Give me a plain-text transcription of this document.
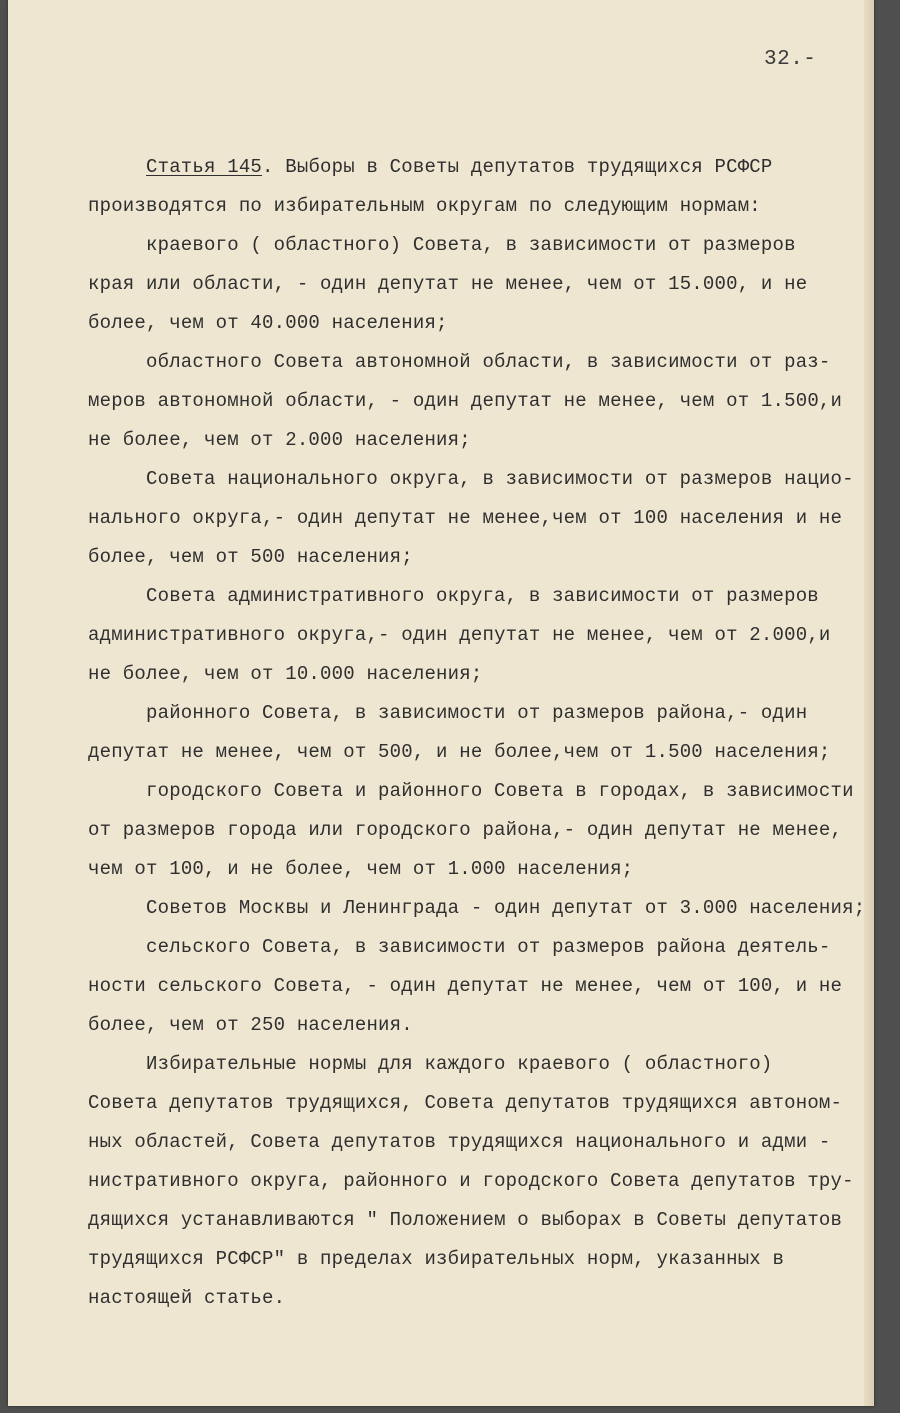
32.-
Статья 145. Выборы в Советы депутатов трудящихся РСФСР
производятся по избирательным округам по следующим нормам:
краевого ( областного) Совета, в зависимости от размеров
края или области, - один депутат не менее, чем от 15.000, и не
более, чем от 40.000 населения;
областного Совета автономной области, в зависимости от раз-
меров автономной области, - один депутат не менее, чем от 1.500,и
не более, чем от 2.000 населения;
Совета национального округа, в зависимости от размеров нацио-
нального округа,- один депутат не менее,чем от 100 населения и не
более, чем от 500 населения;
Совета административного округа, в зависимости от размеров
административного округа,- один депутат не менее, чем от 2.000,и
не более, чем от 10.000 населения;
районного Совета, в зависимости от размеров района,- один
депутат не менее, чем от 500, и не более,чем от 1.500 населения;
городского Совета и районного Совета в городах, в зависимости
от размеров города или городского района,- один депутат не менее,
чем от 100, и не более, чем от 1.000 населения;
Советов Москвы и Ленинграда - один депутат от 3.000 населения;
сельского Совета, в зависимости от размеров района деятель-
ности сельского Совета, - один депутат не менее, чем от 100, и не
более, чем от 250 населения.
Избирательные нормы для каждого краевого ( областного)
Совета депутатов трудящихся, Совета депутатов трудящихся автоном-
ных областей, Совета депутатов трудящихся национального и адми -
нистративного округа, районного и городского Совета депутатов тру-
дящихся устанавливаются " Положением о выборах в Советы депутатов
трудящихся РСФСР" в пределах избирательных норм, указанных в
настоящей статье.
